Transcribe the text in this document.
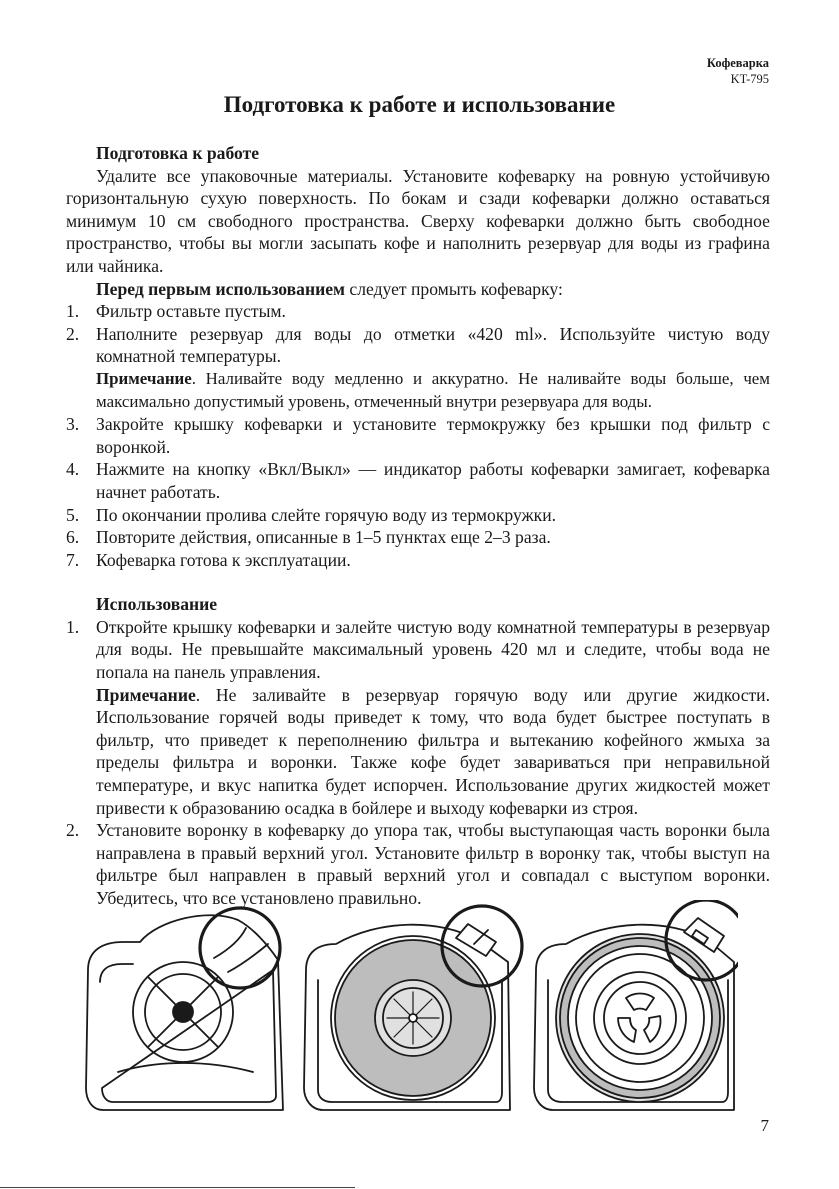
Кофеварка
KT-795
Подготовка к работе и использование

Подготовка к работе

Удалите все упаковочные материалы. Установите кофеварку на ровную устойчивую горизонтальную сухую поверхность. По бокам и сзади кофеварки должно оставаться минимум 10 см свободного пространства. Сверху кофеварки должно быть свободное пространство, чтобы вы могли засыпать кофе и наполнить резервуар для воды из графина или чайника.

Перед первым использованием следует промыть кофеварку:

1. Фильтр оставьте пустым.
2. Наполните резервуар для воды до отметки «420 ml». Используйте чистую воду комнатной температуры.

Примечание. Наливайте воду медленно и аккуратно. Не наливайте воды больше, чем максимально допустимый уровень, отмеченный внутри резервуара для воды.

3. Закройте крышку кофеварки и установите термокружку без крышки под фильтр с воронкой.
4. Нажмите на кнопку «Вкл/Выкл» — индикатор работы кофеварки замигает, кофеварка начнет работать.
5. По окончании пролива слейте горячую воду из термокружки.
6. Повторите действия, описанные в 1–5 пунктах еще 2–3 раза.
7. Кофеварка готова к эксплуатации.

Использование

1. Откройте крышку кофеварки и залейте чистую воду комнатной температуры в резервуар для воды. Не превышайте максимальный уровень 420 мл и следите, чтобы вода не попала на панель управления.

Примечание. Не заливайте в резервуар горячую воду или другие жидкости. Использование горячей воды приведет к тому, что вода будет быстрее поступать в фильтр, что приведет к переполнению фильтра и вытеканию кофейного жмыха за пределы фильтра и воронки. Также кофе будет завариваться при неправильной температуре, и вкус напитка будет испорчен. Использование других жидкостей может привести к образованию осадка в бойлере и выходу кофеварки из строя.

2. Установите воронку в кофеварку до упора так, чтобы выступающая часть воронки была направлена в правый верхний угол. Установите фильтр в воронку так, чтобы выступ на фильтре был направлен в правый верхний угол и совпадал с выступом воронки. Убедитесь, что все установлено правильно.
7
